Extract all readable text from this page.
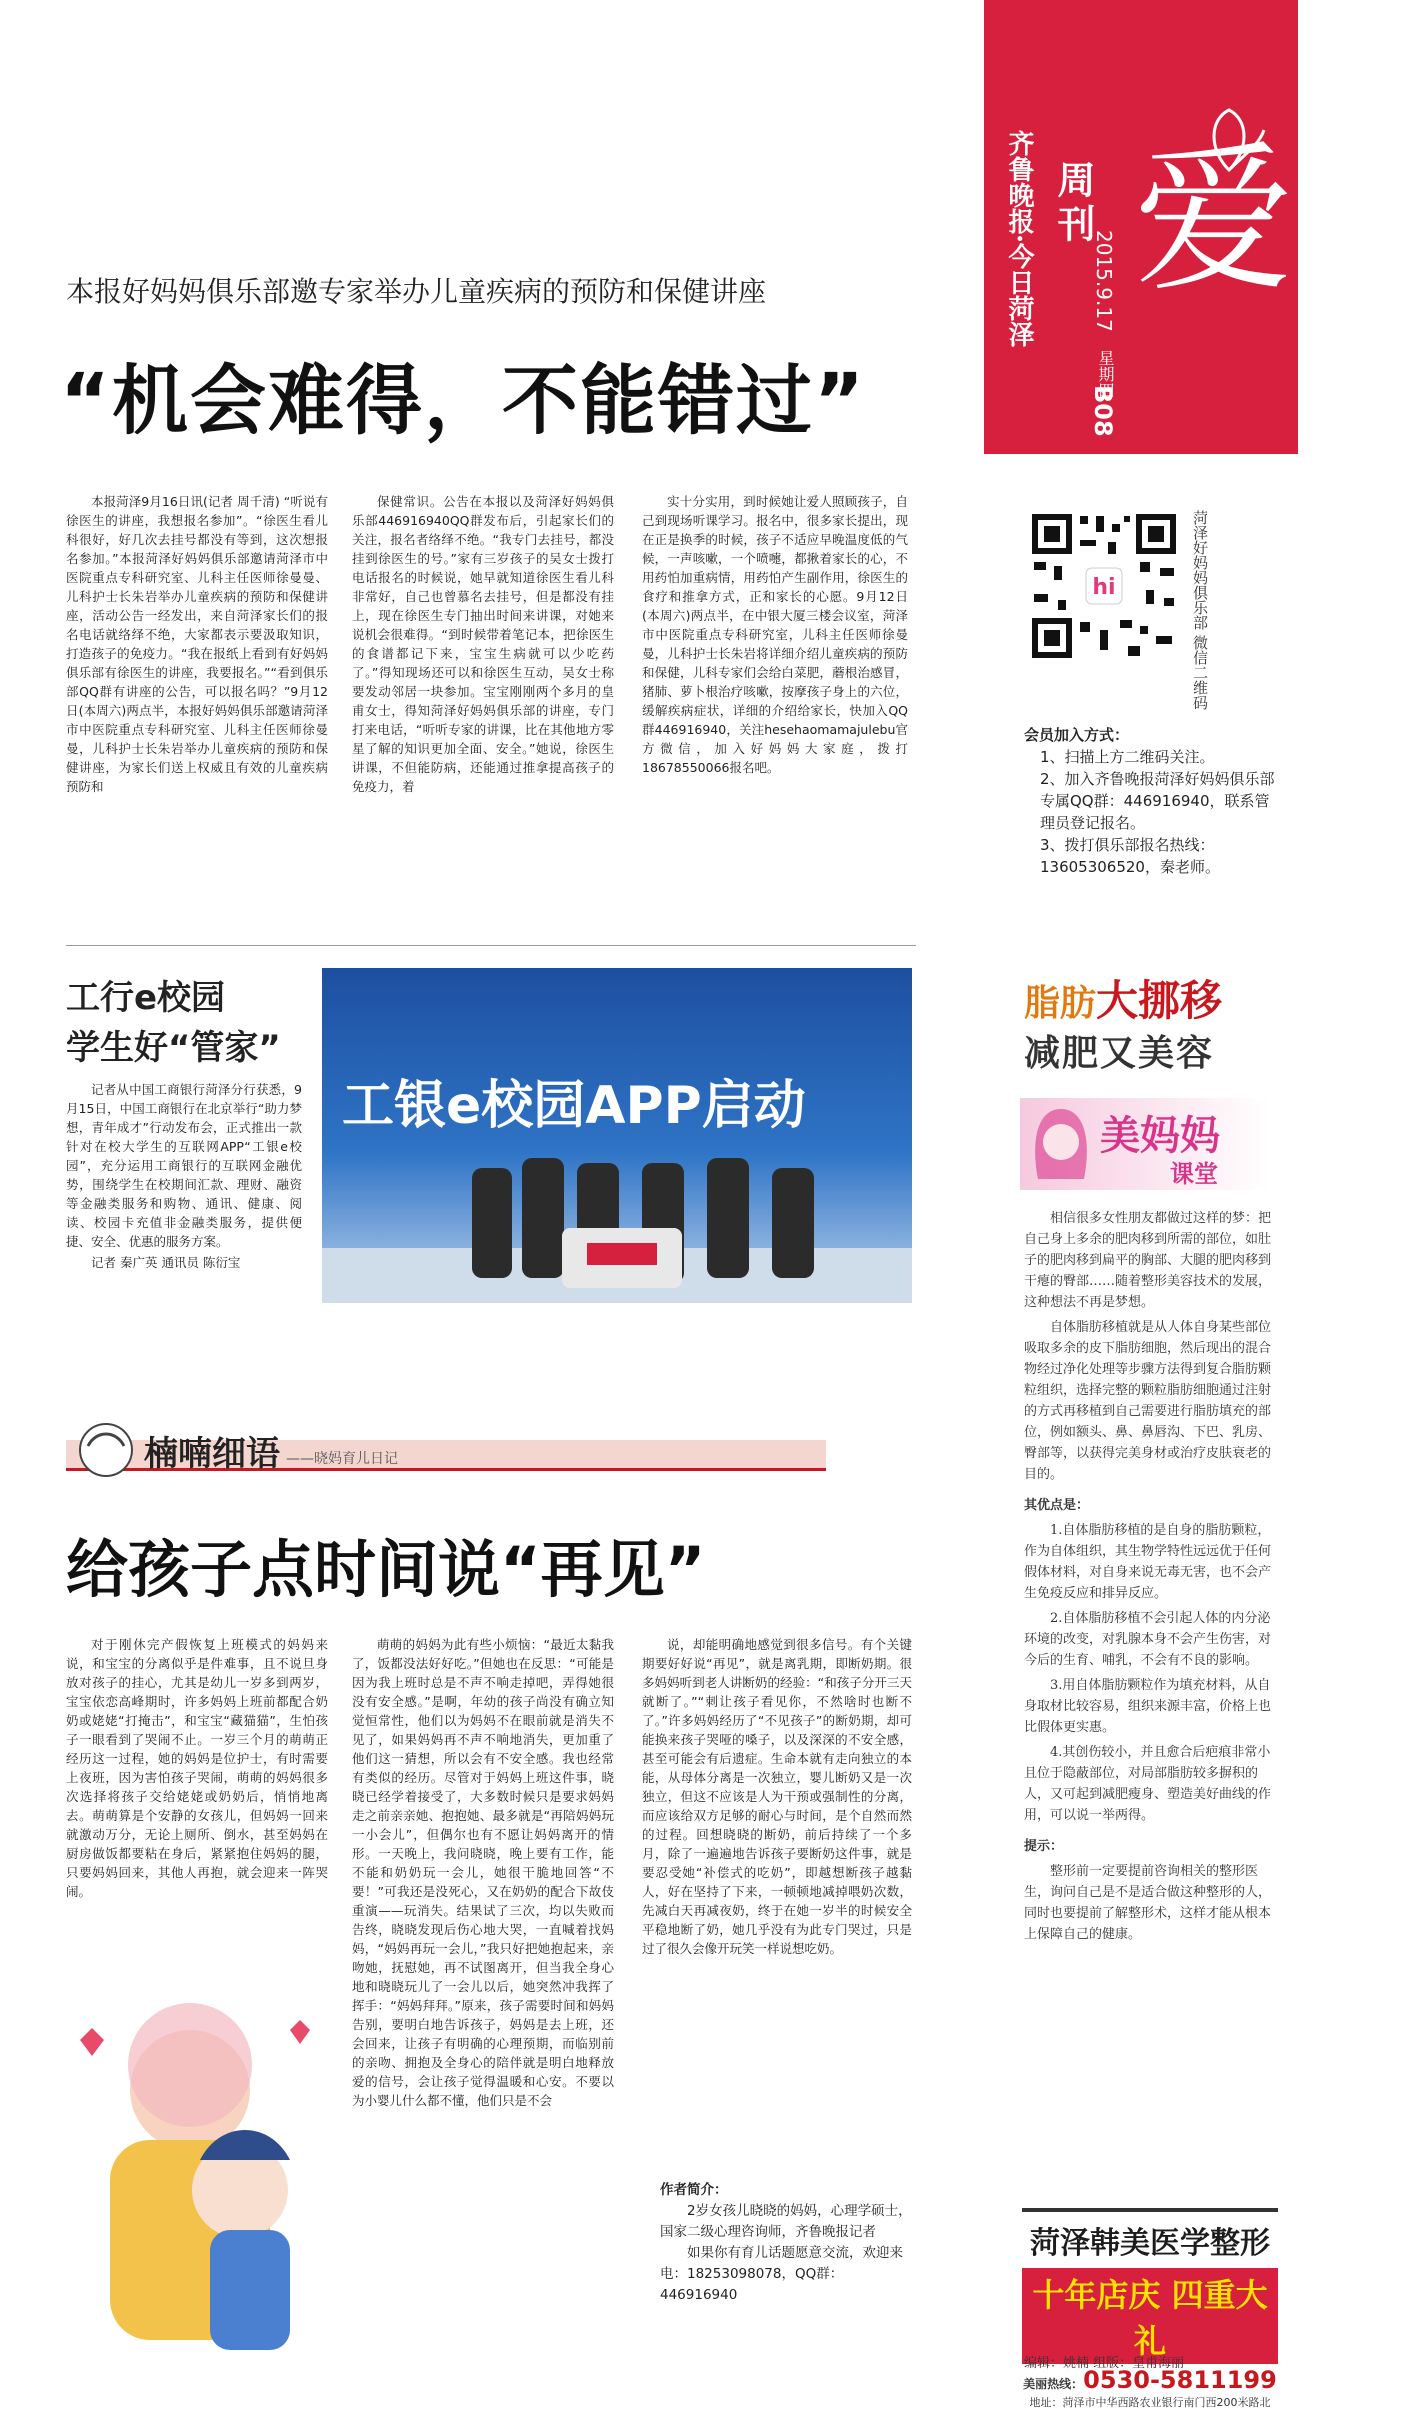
齐鲁晚报·今日菏泽 周刊
2015.9.17
星期四
B08
爱
hi	菏泽好妈妈俱乐部 微信二维码
会员加入方式：
1、扫描上方二维码关注。
2、加入齐鲁晚报菏泽好妈妈俱乐部专属QQ群：446916940，联系管理员登记报名。
3、拨打俱乐部报名热线：13605306520，秦老师。
本报好妈妈俱乐部邀专家举办儿童疾病的预防和保健讲座
“机会难得，不能错过”

本报菏泽9月16日讯(记者 周千清) “听说有徐医生的讲座，我想报名参加”。“徐医生看儿科很好，好几次去挂号都没有等到，这次想报名参加。”本报菏泽好妈妈俱乐部邀请菏泽市中医院重点专科研究室、儿科主任医师徐曼曼、儿科护士长朱岩举办儿童疾病的预防和保健讲座，活动公告一经发出，来自菏泽家长们的报名电话就络绎不绝，大家都表示要汲取知识，打造孩子的免疫力。“我在报纸上看到有好妈妈俱乐部有徐医生的讲座，我要报名。”“看到俱乐部QQ群有讲座的公告，可以报名吗？”9月12日(本周六)两点半，本报好妈妈俱乐部邀请菏泽市中医院重点专科研究室、儿科主任医师徐曼曼，儿科护士长朱岩举办儿童疾病的预防和保健讲座，为家长们送上权威且有效的儿童疾病预防和

保健常识。公告在本报以及菏泽好妈妈俱乐部446916940QQ群发布后，引起家长们的关注，报名者络绎不绝。“我专门去挂号，都没挂到徐医生的号。”家有三岁孩子的吴女士拨打电话报名的时候说，她早就知道徐医生看儿科非常好，自己也曾慕名去挂号，但是都没有挂上，现在徐医生专门抽出时间来讲课，对她来说机会很难得。“到时候带着笔记本，把徐医生的食谱都记下来，宝宝生病就可以少吃药了。”得知现场还可以和徐医生互动，吴女士称要发动邻居一块参加。宝宝刚刚两个多月的皇甫女士，得知菏泽好妈妈俱乐部的讲座，专门打来电话，“听听专家的讲课，比在其他地方零星了解的知识更加全面、安全。”她说，徐医生讲课，不但能防病，还能通过推拿提高孩子的免疫力，着

实十分实用，到时候她让爱人照顾孩子，自己到现场听课学习。报名中，很多家长提出，现在正是换季的时候，孩子不适应早晚温度低的气候，一声咳嗽，一个喷嚏，都揪着家长的心，不用药怕加重病情，用药怕产生副作用，徐医生的食疗和推拿方式，正和家长的心愿。9月12日(本周六)两点半，在中银大厦三楼会议室，菏泽市中医院重点专科研究室，儿科主任医师徐曼曼，儿科护士长朱岩将详细介绍儿童疾病的预防和保健，儿科专家们会给白菜肥，蘑根治感冒，猪肺、萝卜根治疗咳嗽，按摩孩子身上的六位，缓解疾病症状，详细的介绍给家长，快加入QQ群446916940，关注hesehaomamajulebu官方微信，加入好妈妈大家庭，拨打18678550066报名吧。

工行e校园
学生好“管家”

记者从中国工商银行菏泽分行获悉，9月15日，中国工商银行在北京举行“助力梦想，青年成才”行动发布会，正式推出一款针对在校大学生的互联网APP“工银e校园”，充分运用工商银行的互联网金融优势，围绕学生在校期间汇款、理财、融资等金融类服务和购物、通讯、健康、阅读、校园卡充值非金融类服务，提供便捷、安全、优惠的服务方案。

记者 秦广英 通讯员 陈衍宝

工银e校园APP启动
楠喃细语 ——晓妈育儿日记
给孩子点时间说“再见”

对于刚休完产假恢复上班模式的妈妈来说，和宝宝的分离似乎是件难事，且不说旦身放对孩子的挂心，尤其是幼儿一岁多到两岁，宝宝依恋高峰期时，许多妈妈上班前都配合奶奶或姥姥“打掩击”，和宝宝“藏猫猫”，生怕孩子一眼看到了哭闹不止。一岁三个月的萌萌正经历这一过程，她的妈妈是位护士，有时需要上夜班，因为害怕孩子哭闹，萌萌的妈妈很多次选择将孩子交给姥姥或奶奶后，悄悄地离去。萌萌算是个安静的女孩儿，但妈妈一回来就激动万分，无论上厕所、倒水，甚至妈妈在厨房做饭都要粘在身后，紧紧抱住妈妈的腿，只要妈妈回来，其他人再抱，就会迎来一阵哭闹。

萌萌的妈妈为此有些小烦恼：“最近太黏我了，饭都没法好好吃。”但她也在反思：“可能是因为我上班时总是不声不响走掉吧，弄得她很没有安全感。”是啊，年幼的孩子尚没有确立知觉恒常性，他们以为妈妈不在眼前就是消失不见了，如果妈妈再不声不响地消失，更加重了他们这一猜想，所以会有不安全感。我也经常有类似的经历。尽管对于妈妈上班这件事，晓晓已经学着接受了，大多数时候只是要求妈妈走之前亲亲她、抱抱她、最多就是“再陪妈妈玩一小会儿”，但偶尔也有不愿让妈妈离开的情形。一天晚上，我问晓晓，晚上要有工作，能不能和奶奶玩一会儿，她很干脆地回答“不要！”可我还是没死心，又在奶奶的配合下故伎重演——玩消失。结果试了三次，均以失败而告终，晓晓发现后伤心地大哭，一直喊着找妈妈，“妈妈再玩一会儿，”我只好把她抱起来，亲吻她，抚慰她，再不试图离开，但当我全身心地和晓晓玩儿了一会儿以后，她突然冲我挥了挥手：“妈妈拜拜。”原来，孩子需要时间和妈妈告别，要明白地告诉孩子，妈妈是去上班，还会回来，让孩子有明确的心理预期，而临别前的亲吻、拥抱及全身心的陪伴就是明白地释放爱的信号，会让孩子觉得温暖和心安。不要以为小婴儿什么都不懂，他们只是不会

说，却能明确地感觉到很多信号。有个关键期要好好说“再见”，就是离乳期，即断奶期。很多妈妈听到老人讲断奶的经验：“和孩子分开三天就断了。”“刺让孩子看见你，不然啥时也断不了。”许多妈妈经历了“不见孩子”的断奶期，却可能换来孩子哭哑的嗓子，以及深深的不安全感，甚至可能会有后遗症。生命本就有走向独立的本能，从母体分离是一次独立，婴儿断奶又是一次独立，但这不应该是人为干预或强制性的分离，而应该给双方足够的耐心与时间，是个自然而然的过程。回想晓晓的断奶，前后持续了一个多月，除了一遍遍地告诉孩子要断奶这件事，就是要忍受她“补偿式的吃奶”，即越想断孩子越黏人，好在坚持了下来，一顿顿地减掉喂奶次数，先减白天再减夜奶，终于在她一岁半的时候安全平稳地断了奶，她几乎没有为此专门哭过，只是过了很久会像开玩笑一样说想吃奶。

作者简介：
2岁女孩儿晓晓的妈妈，心理学硕士，国家二级心理咨询师，齐鲁晚报记者
如果你有育儿话题愿意交流，欢迎来电：18253098078，QQ群：446916940
脂肪大挪移
减肥又美容
美妈妈
课堂

相信很多女性朋友都做过这样的梦：把自己身上多余的肥肉移到所需的部位，如肚子的肥肉移到扁平的胸部、大腿的肥肉移到干瘪的臀部……随着整形美容技术的发展，这种想法不再是梦想。

自体脂肪移植就是从人体自身某些部位吸取多余的皮下脂肪细胞，然后现出的混合物经过净化处理等步骤方法得到复合脂肪颗粒组织，选择完整的颗粒脂肪细胞通过注射的方式再移植到自己需要进行脂肪填充的部位，例如额头、鼻、鼻唇沟、下巴、乳房、臀部等，以获得完美身材或治疗皮肤衰老的目的。

其优点是：

1.自体脂肪移植的是自身的脂肪颗粒，作为自体组织，其生物学特性远远优于任何假体材料，对自身来说无毒无害，也不会产生免疫反应和排异反应。

2.自体脂肪移植不会引起人体的内分泌环境的改变，对乳腺本身不会产生伤害，对今后的生育、哺乳，不会有不良的影响。

3.用自体脂肪颗粒作为填充材料，从自身取材比较容易，组织来源丰富，价格上也比假体更实惠。

4.其创伤较小，并且愈合后疤痕非常小且位于隐蔽部位，对局部脂肪较多摒积的人，又可起到减肥瘦身、塑造美好曲线的作用，可以说一举两得。

提示：

整形前一定要提前咨询相关的整形医生，询问自己是不是适合做这种整形的人，同时也要提前了解整形术，这样才能从根本上保障自己的健康。

菏泽韩美医学整形
十年店庆 四重大礼
美丽热线：0530-5811199
地址：菏泽市中华西路农业银行南门西200米路北
编辑：姚楠 组版：皇甫海丽
